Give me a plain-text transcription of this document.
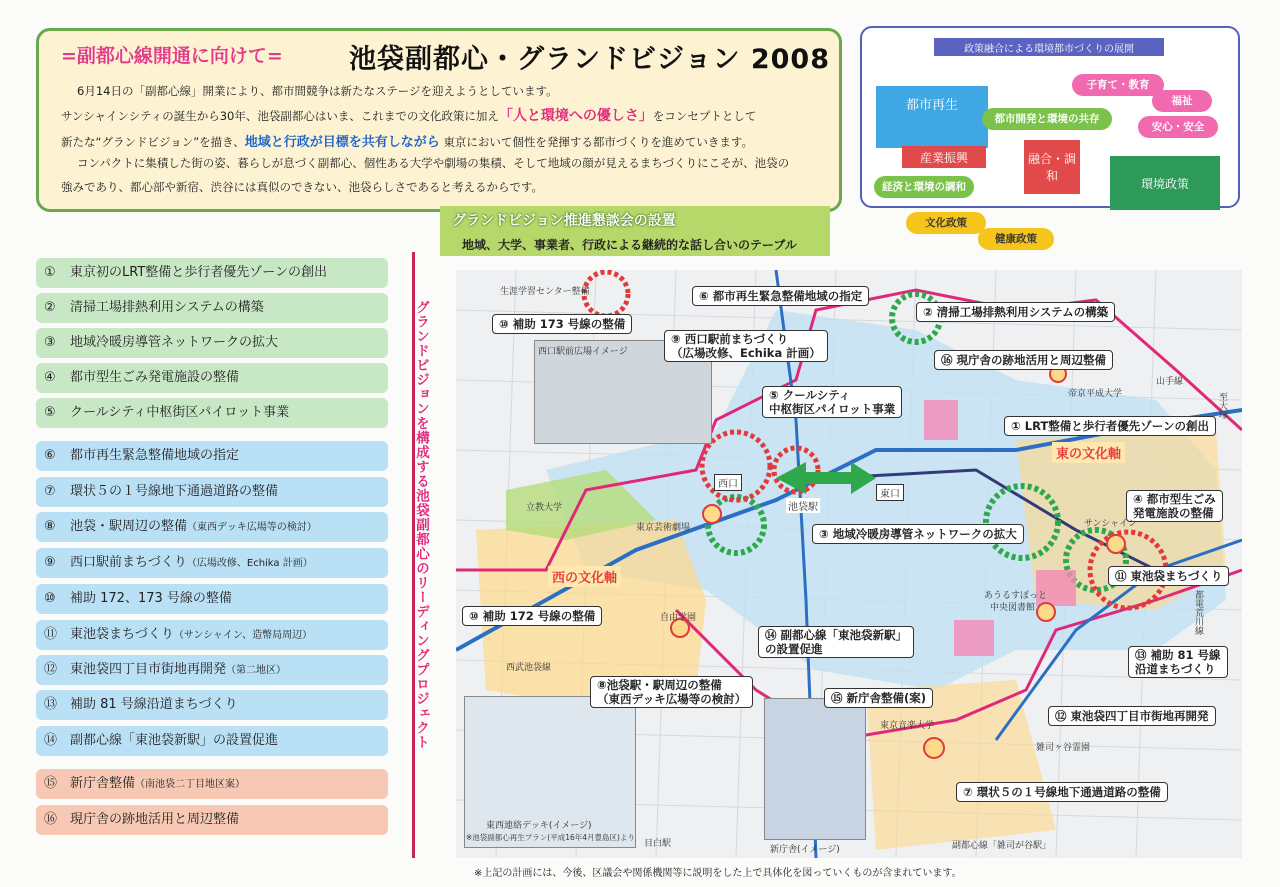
=副都心線開通に向けて= 池袋副都心・グランドビジョン 2008
6月14日の「副都心線」開業により、都市間競争は新たなステージを迎えようとしています。
サンシャインシティの誕生から30年、池袋副都心はいま、これまでの文化政策に加え「人と環境への優しさ」をコンセプトとして
新たな“グランドビジョン”を描き、地域と行政が目標を共有しながら 東京において個性を発揮する都市づくりを進めていきます。
コンパクトに集積した街の姿、暮らしが息づく副都心、個性ある大学や劇場の集積、そして地域の顔が見えるまちづくりにこそが、池袋の
強みであり、都心部や新宿、渋谷には真似のできない、池袋らしさであると考えるからです。
政策融合による環境都市づくりの展開
都市再生
産業振興
都市開発と環境の共存
経済と環境の調和
融合・調和
環境政策
子育て・教育
福祉
安心・安全
文化政策
健康政策
グランドビジョン推進懇談会の設置
地域、大学、事業者、行政による継続的な話し合いのテーブル
① 東京初のLRT整備と歩行者優先ゾーンの創出
② 清掃工場排熱利用システムの構築
③ 地域冷暖房導管ネットワークの拡大
④ 都市型生ごみ発電施設の整備
⑤ クールシティ中枢街区パイロット事業
⑥ 都市再生緊急整備地域の指定
⑦ 環状５の１号線地下通過道路の整備
⑧ 池袋・駅周辺の整備（東西デッキ広場等の検討）
⑨ 西口駅前まちづくり（広場改修、Echika 計画）
⑩ 補助 172、173 号線の整備
⑪ 東池袋まちづくり（サンシャイン、造幣局周辺）
⑫ 東池袋四丁目市街地再開発（第二地区）
⑬ 補助 81 号線沿道まちづくり
⑭ 副都心線「東池袋新駅」の設置促進
⑮ 新庁舎整備（南池袋二丁目地区案）
⑯ 現庁舎の跡地活用と周辺整備
グランドビジョンを構成する池袋副都心のリーディングプロジェクト	西口駅前広場イメージ
東西連絡デッキ(イメージ)
※池袋副都心再生プラン(平成16年4月豊島区)より
新庁舎(イメージ)
⑥ 都市再生緊急整備地域の指定
⑩ 補助 173 号線の整備
⑨ 西口駅前まちづくり
（広場改修、Echika 計画）
② 清掃工場排熱利用システムの構築
⑯ 現庁舎の跡地活用と周辺整備
⑤ クールシティ
中枢街区パイロット事業
① LRT整備と歩行者優先ゾーンの創出
④ 都市型生ごみ
発電施設の整備
③ 地域冷暖房導管ネットワークの拡大
⑪ 東池袋まちづくり
⑩ 補助 172 号線の整備
⑭ 副都心線「東池袋新駅」
の設置促進	⑬ 補助 81 号線
沿道まちづくり
⑧池袋駅・駅周辺の整備
（東西デッキ広場等の検討）	⑮ 新庁舎整備(案)
⑫ 東池袋四丁目市街地再開発
⑦ 環状５の１号線地下通過道路の整備
東の文化軸
西の文化軸
西口
東口
池袋駅
立教大学
東京芸術劇場
自由学園
西武池袋線
帝京平成大学
山手線
至大塚
サンシャイン
東京音楽大学
雑司ヶ谷霊園
都電荒川線
副都心線「雑司が谷駅」
目白駅
生涯学習センター整備
あうるすぽっと
中央図書館
※上記の計画には、今後、区議会や関係機関等に説明をした上で具体化を図っていくものが含まれています。
